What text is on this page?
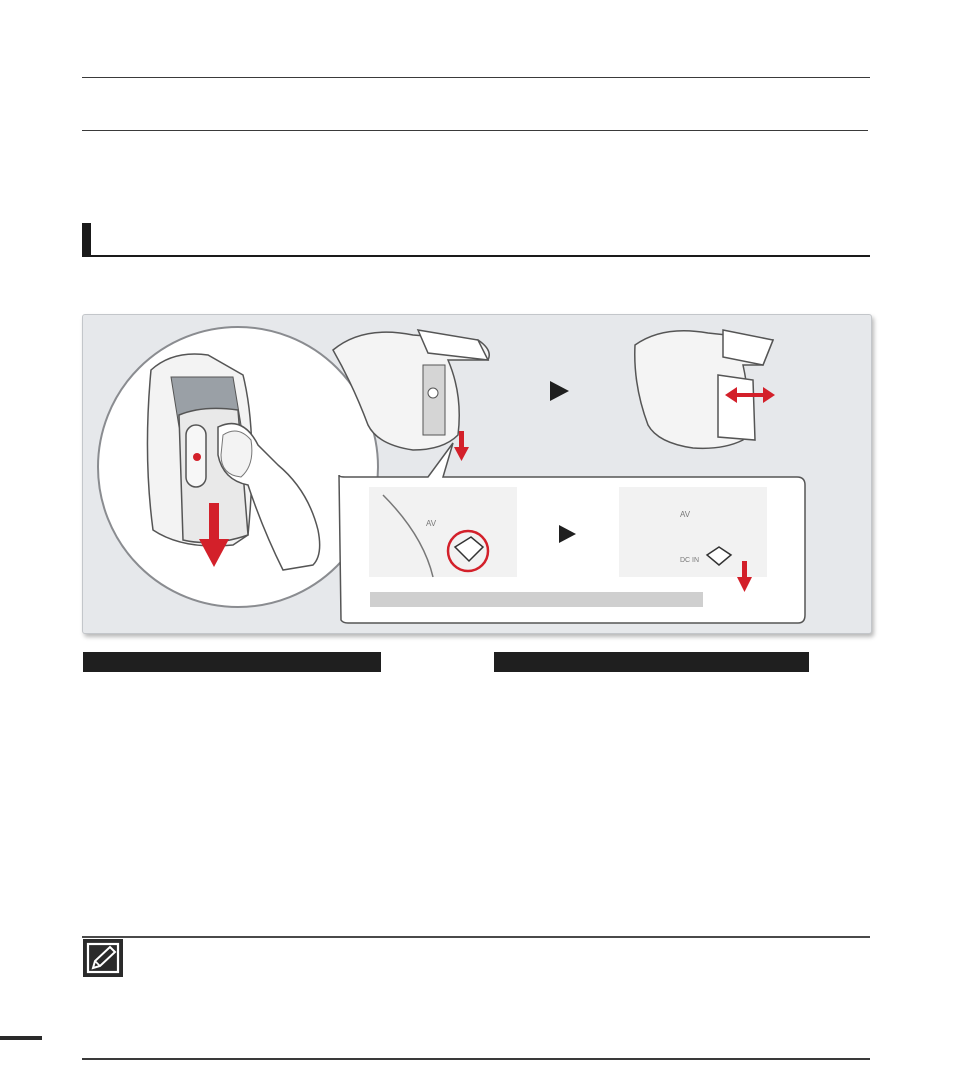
AV
AV
DC IN
